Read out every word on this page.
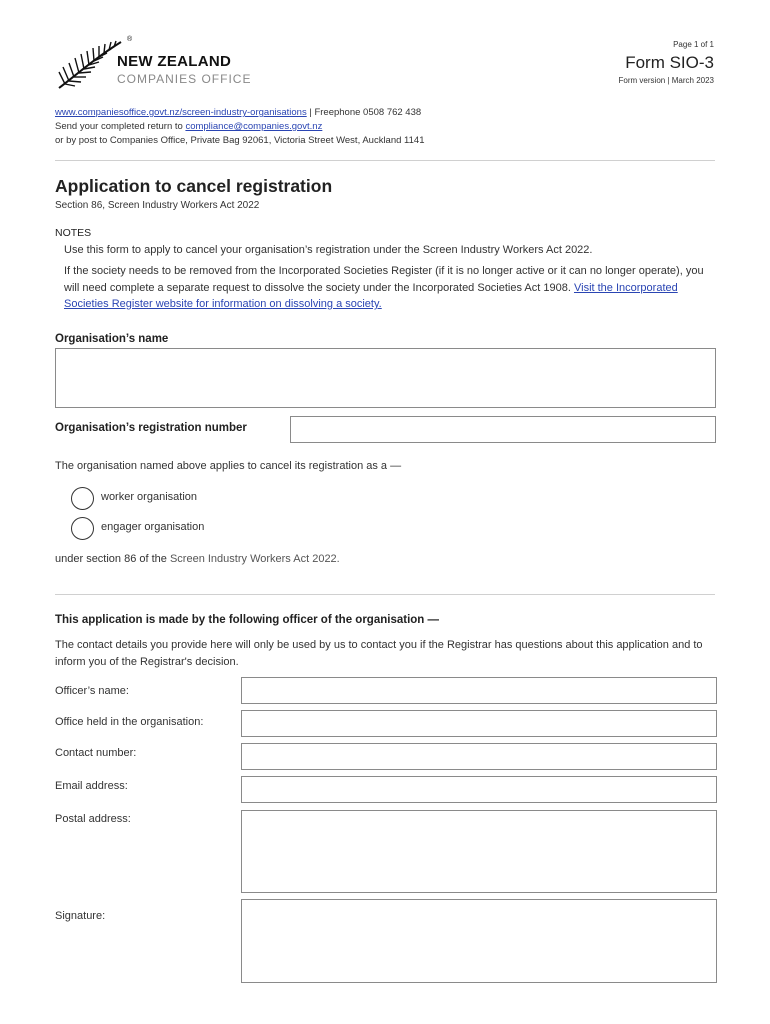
®
NEW ZEALAND
COMPANIES OFFICE
Page 1 of 1
Form SIO-3
Form version | March 2023
www.companiesoffice.govt.nz/screen-industry-organisations | Freephone 0508 762 438
Send your completed return to compliance@companies.govt.nz
or by post to Companies Office, Private Bag 92061, Victoria Street West, Auckland 1141
Application to cancel registration
Section 86, Screen Industry Workers Act 2022
NOTES
Use this form to apply to cancel your organisation’s registration under the Screen Industry Workers Act 2022.
If the society needs to be removed from the Incorporated Societies Register (if it is no longer active or it can no longer operate), you will need complete a separate request to dissolve the society under the Incorporated Societies Act 1908. Visit the Incorporated Societies Register website for information on dissolving a society.
Organisation’s name
Organisation’s registration number
The organisation named above applies to cancel its registration as a —
worker organisation
engager organisation
under section 86 of the Screen Industry Workers Act 2022.
This application is made by the following officer of the organisation —
The contact details you provide here will only be used by us to contact you if the Registrar has questions about this application and to inform you of the Registrar's decision.
Officer’s name:
Office held in the organisation:
Contact number:
Email address:
Postal address:
Signature:
